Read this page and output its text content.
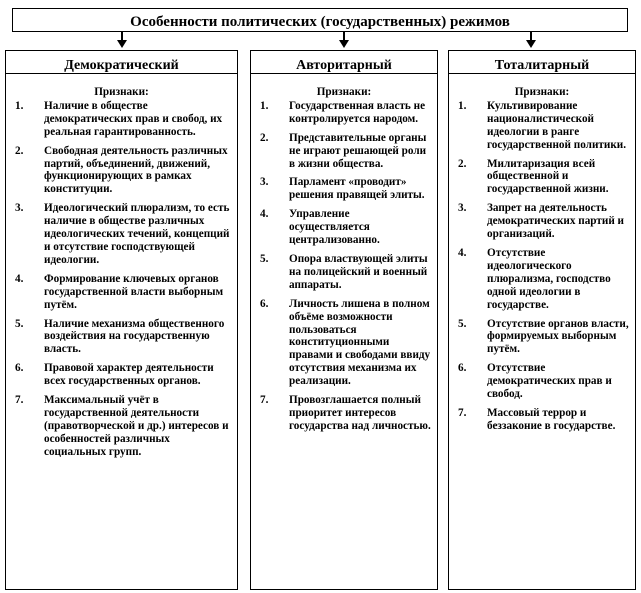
Особенности политических (государственных) режимов
Демократический
Признаки:
1.	Наличие в обществе демократических прав и свобод, их реальная гарантированность.
2.	Свободная деятельность различных партий, объединений, движений, функционирующих в рамках конституции.
3.	Идеологический плюрализм, то есть наличие в обществе различных идеологических течений, концепций и отсутствие господствующей идеологии.
4.	Формирование ключевых органов государственной власти выборным путём.
5.	Наличие механизма общественного воздействия на государственную власть.
6.	Правовой характер деятельности всех государственных органов.
7.	Максимальный учёт в государственной деятельности (правотворческой и др.) интересов и особенностей различных социальных групп.
Авторитарный
Признаки:
1.	Государственная власть не контролируется народом.
2.	Представительные органы не играют решающей роли в жизни общества.
3.	Парламент «проводит» решения правящей элиты.
4.	Управление осуществляется централизованно.
5.	Опора властвующей элиты на полицейский и военный аппараты.
6.	Личность лишена в полном объёме возможности пользоваться конституционными правами и свободами ввиду отсутствия механизма их реализации.
7.	Провозглашается полный приоритет интересов государства над личностью.
Тоталитарный
Признаки:
1.	Культивирование националистической идеологии в ранге государственной политики.
2.	Милитаризация всей общественной и государственной жизни.
3.	Запрет на деятельность демократических партий и организаций.
4.	Отсутствие идеологического плюрализма, господство одной идеологии в государстве.
5.	Отсутствие органов власти, формируемых выборным путём.
6.	Отсутствие демократических прав и свобод.
7.	Массовый террор и беззаконие в государстве.
